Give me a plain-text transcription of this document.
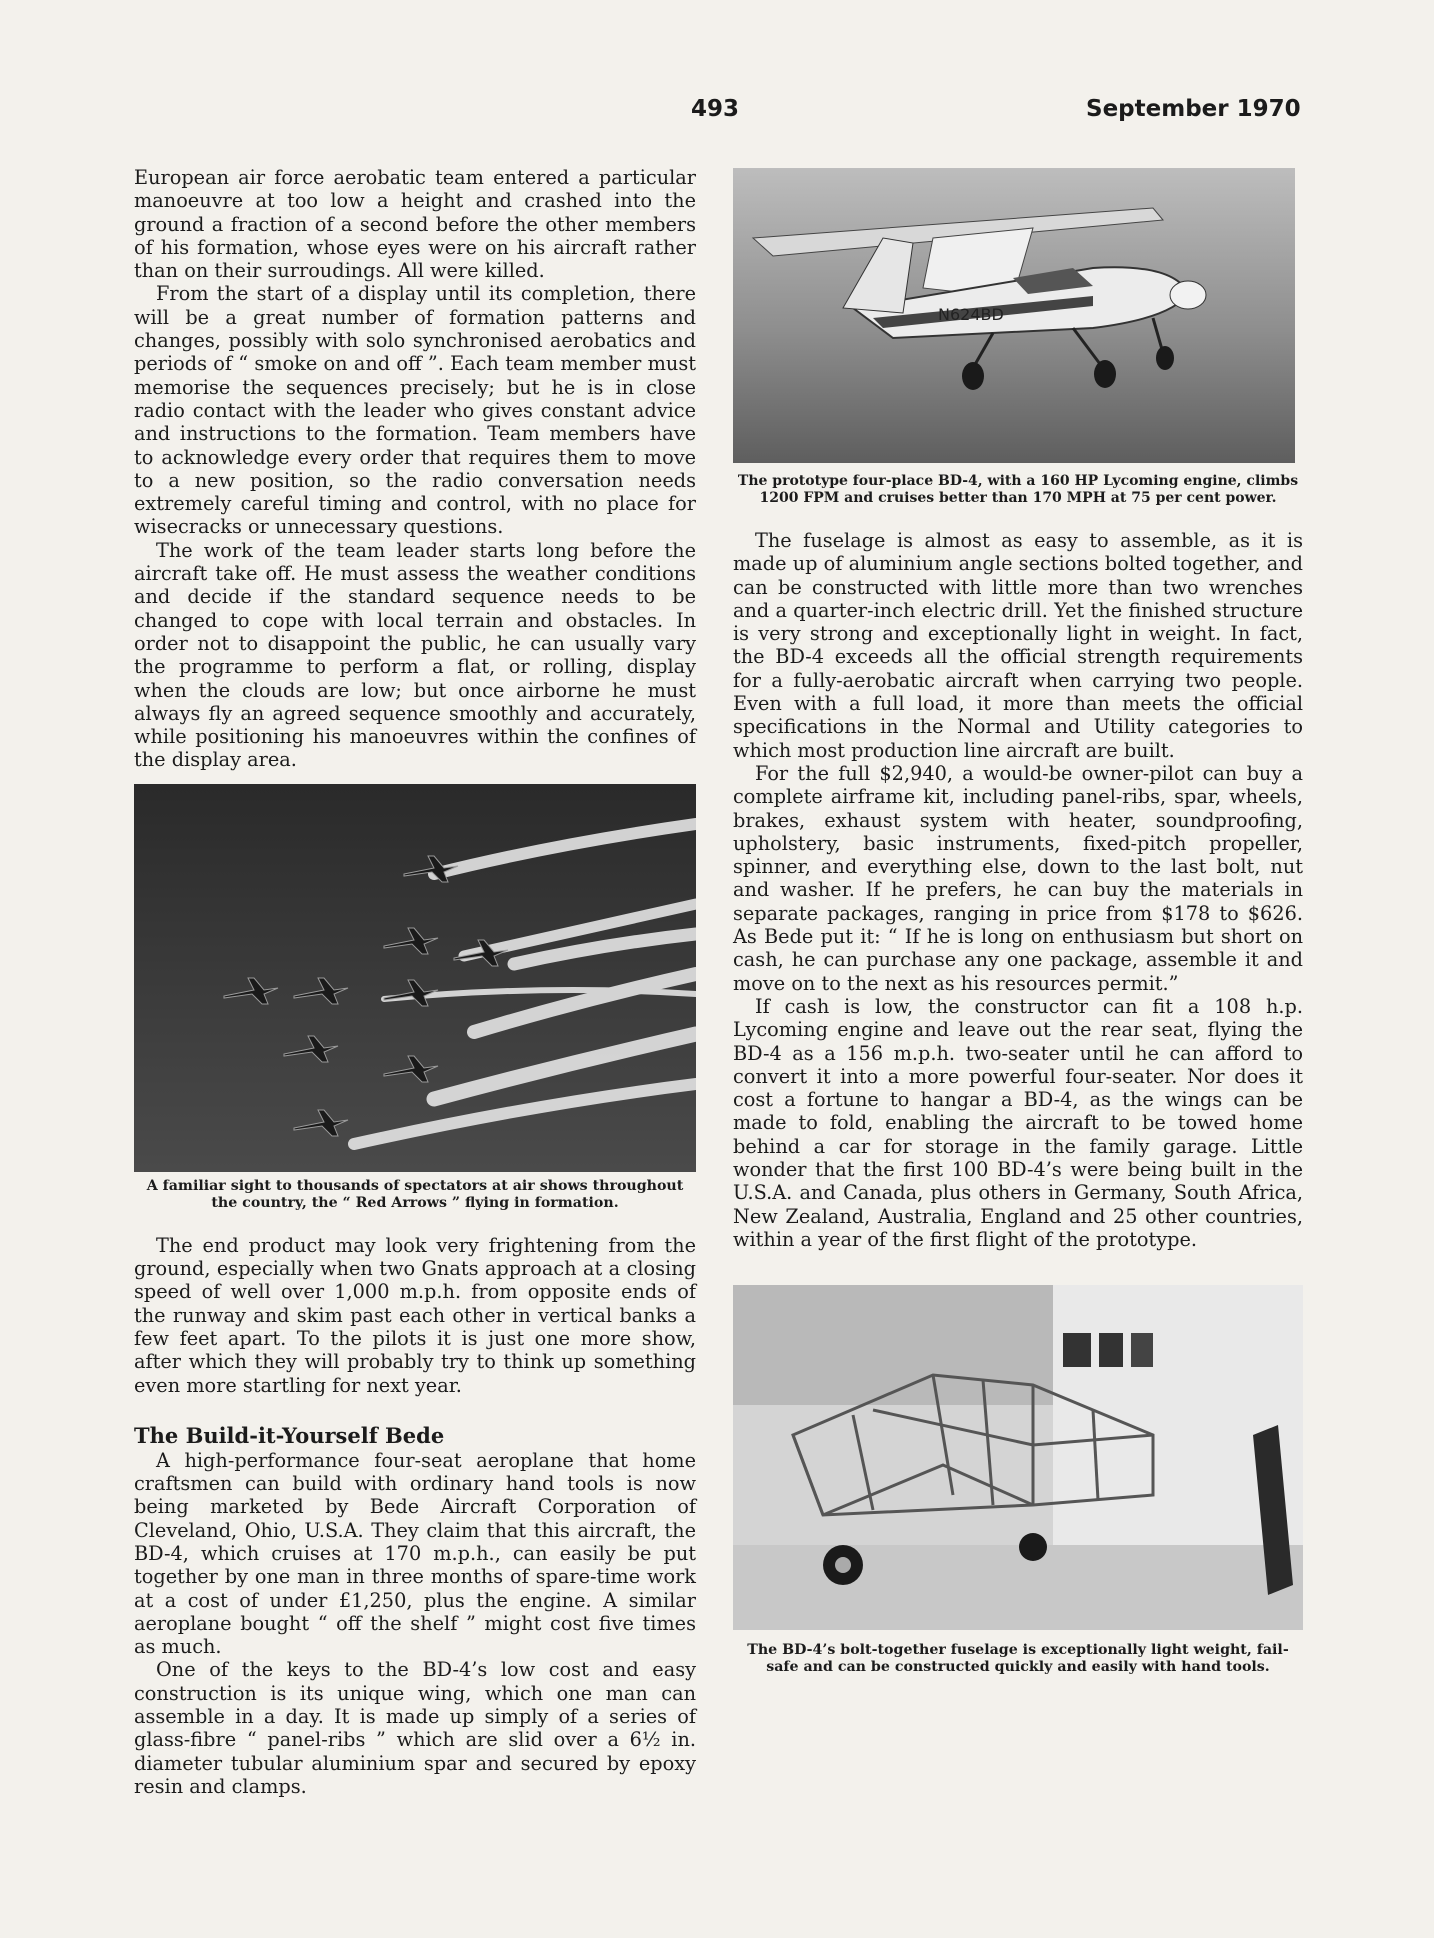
493	September 1970

European air force aerobatic team entered a particular manoeuvre at too low a height and crashed into the ground a fraction of a second before the other members of his formation, whose eyes were on his aircraft rather than on their surroudings. All were killed.

From the start of a display until its completion, there will be a great number of formation patterns and changes, possibly with solo synchronised aerobatics and periods of “ smoke on and off ”. Each team member must memorise the sequences precisely; but he is in close radio contact with the leader who gives constant advice and instructions to the formation. Team members have to acknowledge every order that requires them to move to a new position, so the radio conversation needs extremely careful timing and control, with no place for wisecracks or unnecessary questions.

The work of the team leader starts long before the aircraft take off. He must assess the weather conditions and decide if the standard sequence needs to be changed to cope with local terrain and obstacles. In order not to disappoint the public, he can usually vary the programme to perform a flat, or rolling, display when the clouds are low; but once airborne he must always fly an agreed sequence smoothly and accurately, while positioning his manoeuvres within the confines of the display area.

A familiar sight to thousands of spectators at air shows throughout the country, the “ Red Arrows ” flying in formation.

The end product may look very frightening from the ground, especially when two Gnats approach at a closing speed of well over 1,000 m.p.h. from opposite ends of the runway and skim past each other in vertical banks a few feet apart. To the pilots it is just one more show, after which they will probably try to think up something even more startling for next year.

The Build-it-Yourself Bede

A high-performance four-seat aeroplane that home craftsmen can build with ordinary hand tools is now being marketed by Bede Aircraft Corporation of Cleveland, Ohio, U.S.A. They claim that this aircraft, the BD-4, which cruises at 170 m.p.h., can easily be put together by one man in three months of spare-time work at a cost of under £1,250, plus the engine. A similar aeroplane bought “ off the shelf ” might cost five times as much.

One of the keys to the BD-4’s low cost and easy construction is its unique wing, which one man can assemble in a day. It is made up simply of a series of glass-fibre “ panel-ribs ” which are slid over a 6½ in. diameter tubular aluminium spar and secured by epoxy resin and clamps.

N624BD
The prototype four-place BD-4, with a 160 HP Lycoming engine, climbs 1200 FPM and cruises better than 170 MPH at 75 per cent power.

The fuselage is almost as easy to assemble, as it is made up of aluminium angle sections bolted together, and can be constructed with little more than two wrenches and a quarter-inch electric drill. Yet the finished structure is very strong and exceptionally light in weight. In fact, the BD-4 exceeds all the official strength requirements for a fully-aerobatic aircraft when carrying two people. Even with a full load, it more than meets the official specifications in the Normal and Utility categories to which most production line aircraft are built.

For the full $2,940, a would-be owner-pilot can buy a complete airframe kit, including panel-ribs, spar, wheels, brakes, exhaust system with heater, soundproofing, upholstery, basic instruments, fixed-pitch propeller, spinner, and everything else, down to the last bolt, nut and washer. If he prefers, he can buy the materials in separate packages, ranging in price from $178 to $626. As Bede put it: “ If he is long on enthusiasm but short on cash, he can purchase any one package, assemble it and move on to the next as his resources permit.”

If cash is low, the constructor can fit a 108 h.p. Lycoming engine and leave out the rear seat, flying the BD-4 as a 156 m.p.h. two-seater until he can afford to convert it into a more powerful four-seater. Nor does it cost a fortune to hangar a BD-4, as the wings can be made to fold, enabling the aircraft to be towed home behind a car for storage in the family garage. Little wonder that the first 100 BD-4’s were being built in the U.S.A. and Canada, plus others in Germany, South Africa, New Zealand, Australia, England and 25 other countries, within a year of the first flight of the prototype.

The BD-4’s bolt-together fuselage is exceptionally light weight, fail-safe and can be constructed quickly and easily with hand tools.
